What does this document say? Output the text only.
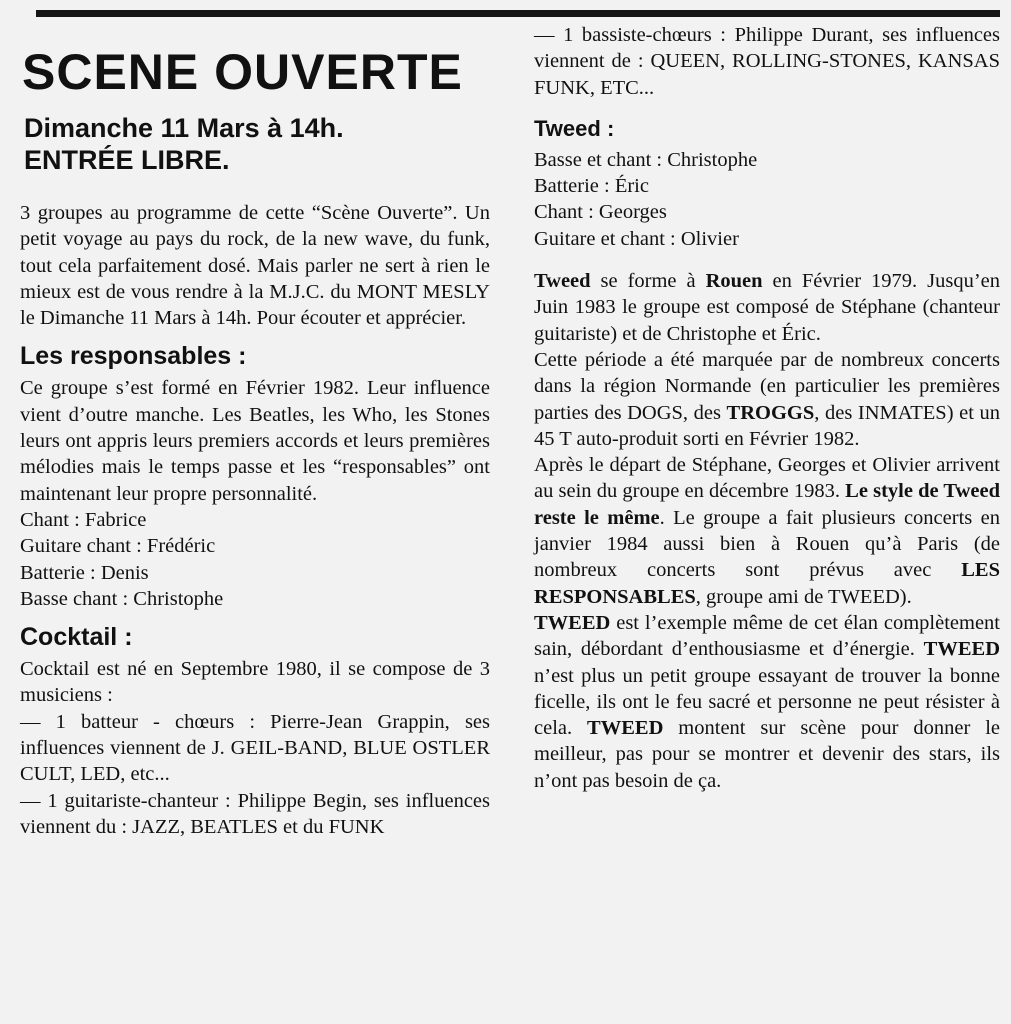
SCENE OUVERTE
Dimanche 11 Mars à 14h.
ENTRÉE LIBRE.

3 groupes au programme de cette “Scène Ouverte”. Un petit voyage au pays du rock, de la new wave, du funk, tout cela parfaitement dosé. Mais parler ne sert à rien le mieux est de vous rendre à la M.J.C. du MONT MESLY le Dimanche 11 Mars à 14h. Pour écouter et apprécier.

Les responsables :

Ce groupe s’est formé en Février 1982. Leur influence vient d’outre manche. Les Beatles, les Who, les Stones leurs ont appris leurs premiers accords et leurs premières mélodies mais le temps passe et les “responsables” ont maintenant leur propre personnalité.

Chant : Fabrice
Guitare chant : Frédéric
Batterie : Denis
Basse chant : Christophe
Cocktail :

Cocktail est né en Septembre 1980, il se compose de 3 musiciens :

— 1 batteur - chœurs : Pierre-Jean Grappin, ses influences viennent de J. GEIL-BAND, BLUE OSTLER CULT, LED, etc...

— 1 guitariste-chanteur : Philippe Begin, ses influences viennent du : JAZZ, BEATLES et du FUNK

— 1 bassiste-chœurs : Philippe Durant, ses influences viennent de : QUEEN, ROLLING-STONES, KANSAS FUNK, ETC...

Tweed :
Basse et chant : Christophe
Batterie : Éric
Chant : Georges
Guitare et chant : Olivier

Tweed se forme à Rouen en Février 1979. Jusqu’en Juin 1983 le groupe est composé de Stéphane (chanteur guitariste) et de Christophe et Éric.

Cette période a été marquée par de nombreux concerts dans la région Normande (en particulier les premières parties des DOGS, des TROGGS, des INMATES) et un 45 T auto-produit sorti en Février 1982.

Après le départ de Stéphane, Georges et Olivier arrivent au sein du groupe en décembre 1983. Le style de Tweed reste le même. Le groupe a fait plusieurs concerts en janvier 1984 aussi bien à Rouen qu’à Paris (de nombreux concerts sont prévus avec LES RESPONSABLES, groupe ami de TWEED).

TWEED est l’exemple même de cet élan complètement sain, débordant d’enthousiasme et d’énergie. TWEED n’est plus un petit groupe essayant de trouver la bonne ficelle, ils ont le feu sacré et personne ne peut résister à cela. TWEED montent sur scène pour donner le meilleur, pas pour se montrer et devenir des stars, ils n’ont pas besoin de ça.
